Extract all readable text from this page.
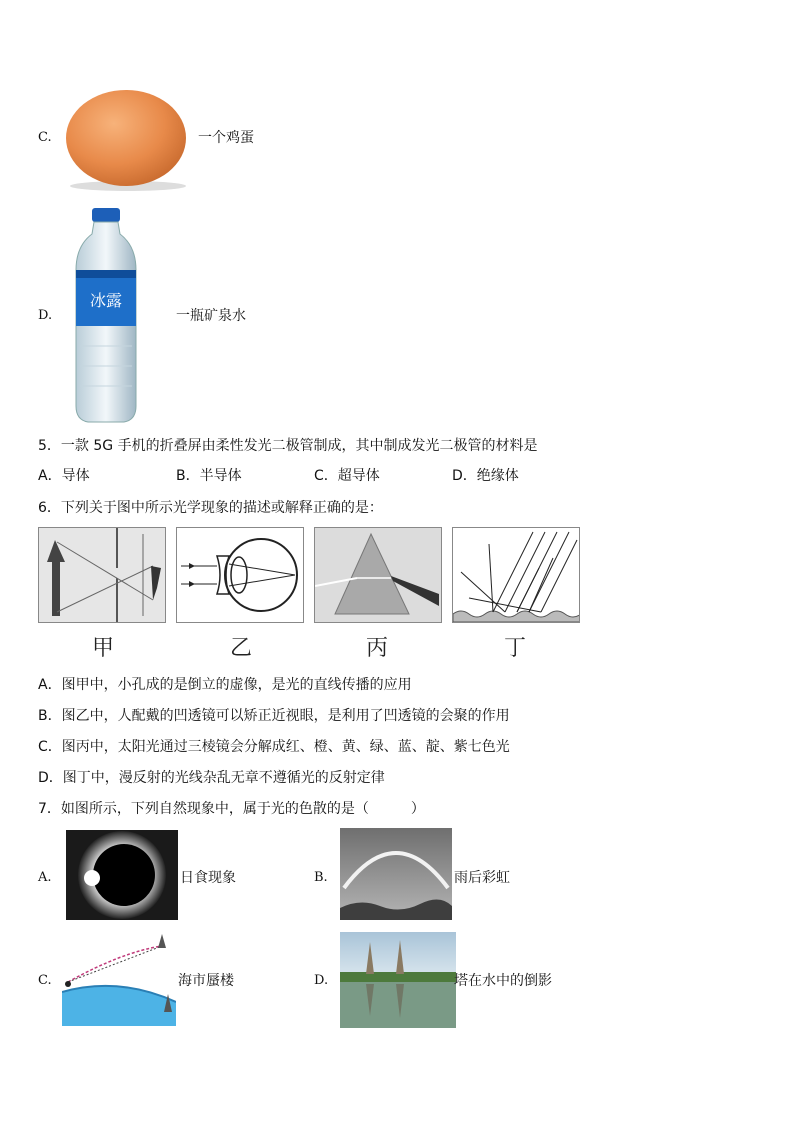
C.	一个鸡蛋
D.
冰露
一瓶矿泉水
5．一款 5G 手机的折叠屏由柔性发光二极管制成，其中制成发光二极管的材料是
A．导体	B．半导体	C．超导体	D．绝缘体
6．下列关于图中所示光学现象的描述或解释正确的是：
甲	乙	丙	丁
A．图甲中，小孔成的是倒立的虚像，是光的直线传播的应用
B．图乙中，人配戴的凹透镜可以矫正近视眼，是利用了凹透镜的会聚的作用
C．图丙中，太阳光通过三棱镜会分解成红、橙、黄、绿、蓝、靛、紫七色光
D．图丁中，漫反射的光线杂乱无章不遵循光的反射定律
7．如图所示，下列自然现象中，属于光的色散的是（　　　）
A.	日食现象	B.	雨后彩虹
C.	海市蜃楼	D.	塔在水中的倒影
